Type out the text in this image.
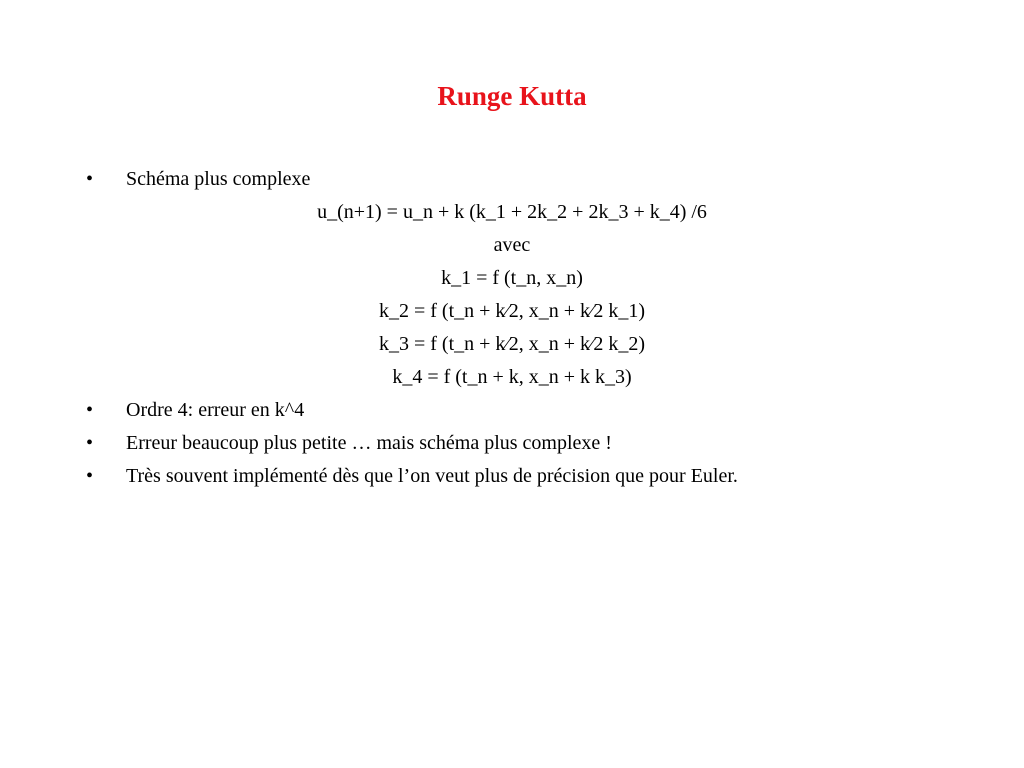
Runge Kutta
•	Schéma plus complexe
u_(n+1) = u_n + k (k_1 + 2k_2 + 2k_3 + k_4) /6
avec
k_1 = f (t_n, x_n)
k_2 = f (t_n + k⁄2, x_n + k⁄2 k_1)
k_3 = f (t_n + k⁄2, x_n + k⁄2 k_2)
k_4 = f (t_n + k, x_n + k k_3)
•	Ordre 4: erreur en k^4
•	Erreur beaucoup plus petite … mais schéma plus complexe !
•	Très souvent implémenté dès que l’on veut plus de précision que pour Euler.
